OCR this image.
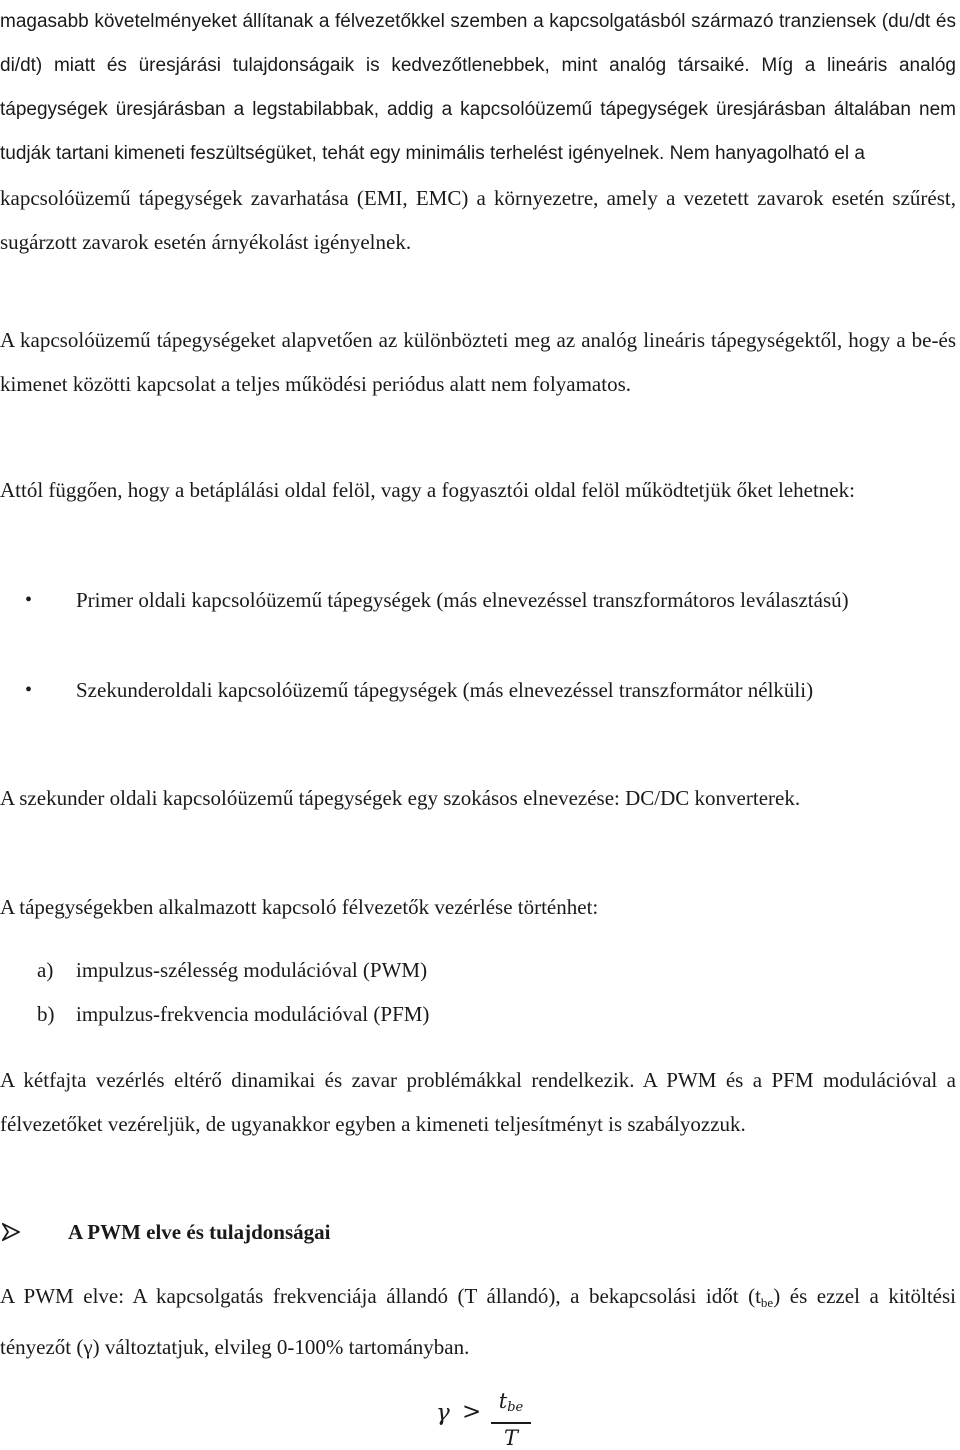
magasabb követelményeket állítanak a félvezetőkkel szemben a kapcsolgatásból származó tranziensek (du/dt és di/dt) miatt és üresjárási tulajdonságaik is kedvezőtlenebbek, mint analóg társaiké. Míg a lineáris analóg tápegységek üresjárásban a legstabilabbak, addig a kapcsolóüzemű tápegységek üresjárásban általában nem tudják tartani kimeneti feszültségüket, tehát egy minimális terhelést igényelnek. Nem hanyagolható el a

kapcsolóüzemű tápegységek zavarhatása (EMI, EMC) a környezetre, amely a vezetett zavarok esetén szűrést, sugárzott zavarok esetén árnyékolást igényelnek.

A kapcsolóüzemű tápegységeket alapvetően az különbözteti meg az analóg lineáris tápegységektől, hogy a be-és kimenet közötti kapcsolat a teljes működési periódus alatt nem folyamatos.

Attól függően, hogy a betáplálási oldal felöl, vagy a fogyasztói oldal felöl működtetjük őket lehetnek:

• Primer oldali kapcsolóüzemű tápegységek (más elnevezéssel transzformátoros leválasztású)
• Szekunderoldali kapcsolóüzemű tápegységek (más elnevezéssel transzformátor nélküli)

A szekunder oldali kapcsolóüzemű tápegységek egy szokásos elnevezése: DC/DC konverterek.

A tápegységekben alkalmazott kapcsoló félvezetők vezérlése történhet:

a) impulzus-szélesség modulációval (PWM)
b) impulzus-frekvencia modulációval (PFM)

A kétfajta vezérlés eltérő dinamikai és zavar problémákkal rendelkezik. A PWM és a PFM modulációval a félvezetőket vezéreljük, de ugyanakkor egyben a kimeneti teljesítményt is szabályozzuk.

A PWM elve és tulajdonságai

A PWM elve: A kapcsolgatás frekvenciája állandó (T állandó), a bekapcsolási időt $(t_{be})$ és ezzel a kitöltési tényezőt (γ) változtatjuk, elvileg 0-100% tartományban.

$\gamma > t_{be}$
T
